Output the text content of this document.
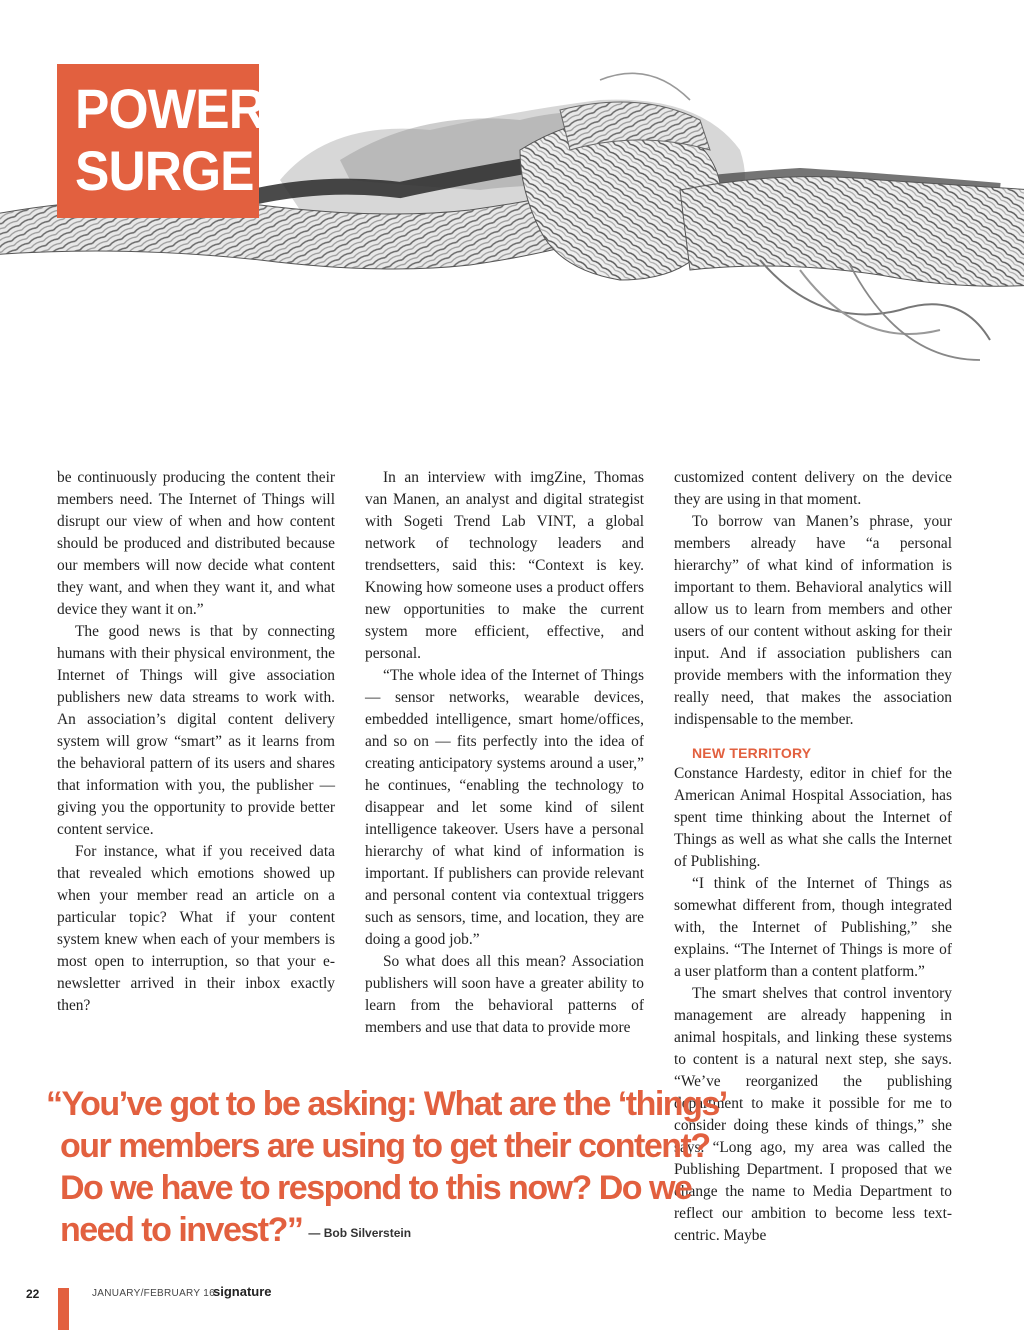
POWER
SURGE

be continuously producing the content their members need. The Internet of Things will disrupt our view of when and how content should be produced and distributed because our members will now decide what content they want, and when they want it, and what device they want it on.”

The good news is that by connecting humans with their physical environment, the Internet of Things will give association publishers new data streams to work with. An association’s digital content delivery system will grow “smart” as it learns from the behavioral pattern of its users and shares that information with you, the publisher — giving you the opportunity to provide better content service.

For instance, what if you received data that revealed which emotions showed up when your member read an article on a particular topic? What if your content system knew when each of your members is most open to interruption, so that your e-newsletter arrived in their inbox exactly then?

In an interview with imgZine, Thomas van Manen, an analyst and digital strategist with Sogeti Trend Lab VINT, a global network of technology leaders and trendsetters, said this: “Context is key. Knowing how someone uses a product offers new opportunities to make the current system more efficient, effective, and personal.

“The whole idea of the Internet of Things — sensor networks, wearable devices, embedded intelligence, smart home/offices, and so on — fits perfectly into the idea of creating anticipatory systems around a user,” he continues, “enabling the technology to disappear and let some kind of silent intelligence takeover. Users have a personal hierarchy of what kind of information is important. If publishers can provide relevant and personal content via contextual triggers such as sensors, time, and location, they are doing a good job.”

So what does all this mean? Association publishers will soon have a greater ability to learn from the behavioral patterns of members and use that data to provide more

customized content delivery on the device they are using in that moment.

To borrow van Manen’s phrase, your members already have “a personal hierarchy” of what kind of information is important to them. Behavioral analytics will allow us to learn from members and other users of our content without asking for their input. And if association publishers can provide members with the information they really need, that makes the association indispensable to the member.

NEW TERRITORY

Constance Hardesty, editor in chief for the American Animal Hospital Association, has spent time thinking about the Internet of Things as well as what she calls the Internet of Publishing.

“I think of the Internet of Things as somewhat different from, though integrated with, the Internet of Publishing,” she explains. “The Internet of Things is more of a user platform than a content platform.”

The smart shelves that control inventory management are already happening in animal hospitals, and linking these systems to content is a natural next step, she says. “We’ve reorganized the publishing department to make it possible for me to consider doing these kinds of things,” she says. “Long ago, my area was called the Publishing Department. I proposed that we change the name to Media Department to reflect our ambition to become less text-centric. Maybe

“You’ve got to be asking: What are the ‘things’
our members are using to get their content?
Do we have to respond to this now? Do we
need to invest?” — Bob Silverstein
22	JANUARY/FEBRUARY 16
signature
